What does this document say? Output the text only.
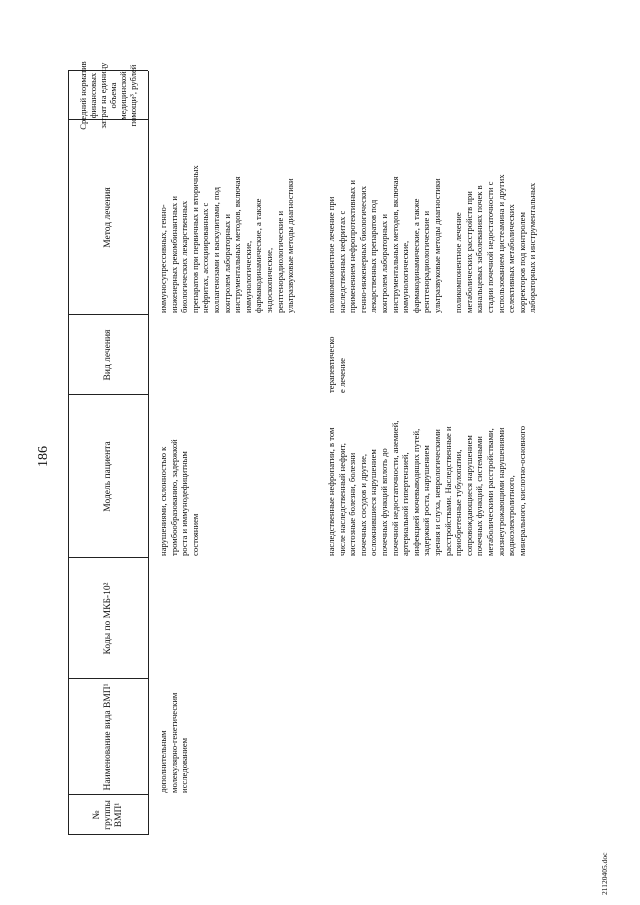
186
№
группы
ВМП¹
Наименование вида ВМП¹
Коды по МКБ-10²
Модель пациента
Вид лечения
Метод лечения
Средний норматив
финансовых
затрат на единицу
объема
медицинской
помощи³, рублей
дополнительным
молекулярно-генетическим
исследованием
нарушениями, склонностью к
тромбообразованию, задержкой
роста и иммунодефицитным
состоянием
иммуносупрессивных, генно-
инженерных рекомбинантных и
биологических лекарственных
препаратов при первичных и вторичных
нефритах, ассоциированных с
коллагенозами и васкулитами, под
контролем лабораторных и
инструментальных методов, включая
иммунологические,
фармакодинамические, а также
эндоскопические,
рентгенорадиологические и
ультразвуковые методы диагностики
наследственные нефропатии, в том
числе наследственный нефрит,
кистозные болезни, болезни
почечных сосудов и другие,
осложнившиеся нарушением
почечных функций вплоть до
почечной недостаточности, анемией,
артериальной гипертензией,
инфекцией мочевыводящих путей,
задержкой роста, нарушением
зрения и слуха, неврологическими
расстройствами. Наследственные и
приобретенные тубулопатии,
сопровождающиеся нарушением
почечных функций, системными
метаболическими расстройствами,
жизнеугрожающими нарушениями
водноэлектролитного,
минерального, кислотно-основного
терапевтическо
е лечение
поликомпонентное лечение при
наследственных нефритах с
применением нефропротективных и
генно-инженерных биологических
лекарственных препаратов под
контролем лабораторных и
инструментальных методов, включая
иммунологические,
фармакодинамические, а также
рентгенорадиологические и
ультразвуковые методы диагностики

поликомпонентное лечение
метаболических расстройств при
канальцевых заболеваниях почек в
стадии почечной недостаточности с
использованием цистеамина и других
селективных метаболических
корректоров под контролем
лабораторных и инструментальных
21120405.doc
